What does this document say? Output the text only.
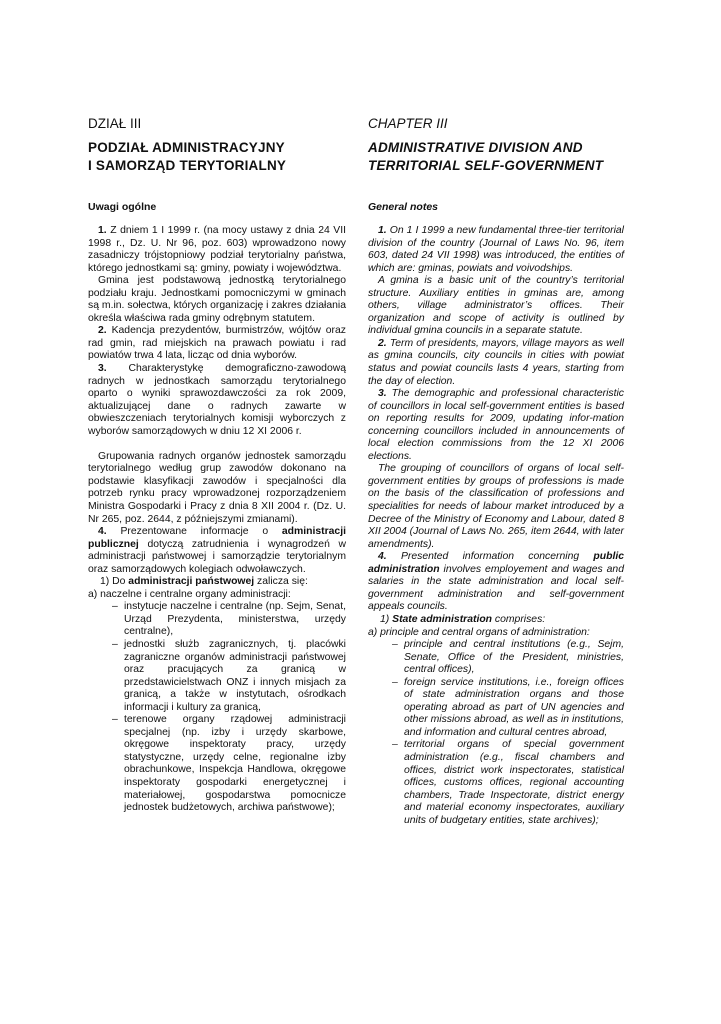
DZIAŁ III
PODZIAŁ ADMINISTRACYJNY
I SAMORZĄD TERYTORIALNY
Uwagi ogólne

1. Z dniem 1 I 1999 r. (na mocy ustawy z dnia 24 VII 1998 r., Dz. U. Nr 96, poz. 603) wprowadzono nowy zasadniczy trójstopniowy podział terytorialny państwa, którego jednostkami są: gminy, powiaty i województwa.

Gmina jest podstawową jednostką terytorialnego podziału kraju. Jednostkami pomocniczymi w gminach są m.in. sołectwa, których organizację i zakres działania określa właściwa rada gminy odrębnym statutem.

2. Kadencja prezydentów, burmistrzów, wójtów oraz rad gmin, rad miejskich na prawach powiatu i rad powiatów trwa 4 lata, licząc od dnia wyborów.

3. Charakterystykę demograficzno-zawodową radnych w jednostkach samorządu terytorialnego oparto o wyniki sprawozdawczości za rok 2009, aktualizującej dane o radnych zawarte w obwieszczeniach terytorialnych komisji wyborczych z wyborów samorządowych w dniu 12 XI 2006 r.

Grupowania radnych organów jednostek samorządu terytorialnego według grup zawodów dokonano na podstawie klasyfikacji zawodów i specjalności dla potrzeb rynku pracy wprowadzonej rozporządzeniem Ministra Gospodarki i Pracy z dnia 8 XII 2004 r. (Dz. U. Nr 265, poz. 2644, z późniejszymi zmianami).

4. Prezentowane informacje o administracji publicznej dotyczą zatrudnienia i wynagrodzeń w administracji państwowej i samorządzie terytorialnym oraz samorządowych kolegiach odwoławczych.

1) Do administracji państwowej zalicza się:

a) naczelne i centralne organy administracji:

– instytucje naczelne i centralne (np. Sejm, Senat, Urząd Prezydenta, ministerstwa, urzędy centralne),
– jednostki służb zagranicznych, tj. placówki zagraniczne organów administracji państwowej oraz pracujących za granicą w przedstawicielstwach ONZ i innych misjach za granicą, a także w instytutach, ośrodkach informacji i kultury za granicą,
– terenowe organy rządowej administracji specjalnej (np. izby i urzędy skarbowe, okręgowe inspektoraty pracy, urzędy statystyczne, urzędy celne, regionalne izby obrachunkowe, Inspekcja Handlowa, okręgowe inspektoraty gospodarki energetycznej i materiałowej, gospodarstwa pomocnicze jednostek budżetowych, archiwa państwowe);
CHAPTER III
ADMINISTRATIVE DIVISION AND
TERRITORIAL SELF-GOVERNMENT
General notes

1. On 1 I 1999 a new fundamental three-tier territorial division of the country (Journal of Laws No. 96, item 603, dated 24 VII 1998) was introduced, the entities of which are: gminas, powiats and voivodships.

A gmina is a basic unit of the country’s territorial structure. Auxiliary entities in gminas are, among others, village administrator’s offices. Their organization and scope of activity is outlined by individual gmina councils in a separate statute.

2. Term of presidents, mayors, village mayors as well as gmina councils, city councils in cities with powiat status and powiat councils lasts 4 years, starting from the day of election.

3. The demographic and professional characteristic of councillors in local self-government entities is based on reporting results for 2009, updating infor-mation concerning councillors included in announcements of local election commissions from the 12 XI 2006 elections.

The grouping of councillors of organs of local self-government entities by groups of professions is made on the basis of the classification of professions and specialities for needs of labour market introduced by a Decree of the Ministry of Economy and Labour, dated 8 XII 2004 (Journal of Laws No. 265, item 2644, with later amendments).

4. Presented information concerning public administration involves employement and wages and salaries in the state administration and local self-government administration and self-government appeals councils.

1) State administration comprises:

a) principle and central organs of administration:

– principle and central institutions (e.g., Sejm, Senate, Office of the President, ministries, central offices),
– foreign service institutions, i.e., foreign offices of state administration organs and those operating abroad as part of UN agencies and other missions abroad, as well as in institutions, and information and cultural centres abroad,
– territorial organs of special government administration (e.g., fiscal chambers and offices, district work inspectorates, statistical offices, customs offices, regional accounting chambers, Trade Inspectorate, district energy and material economy inspectorates, auxiliary units of budgetary entities, state archives);
